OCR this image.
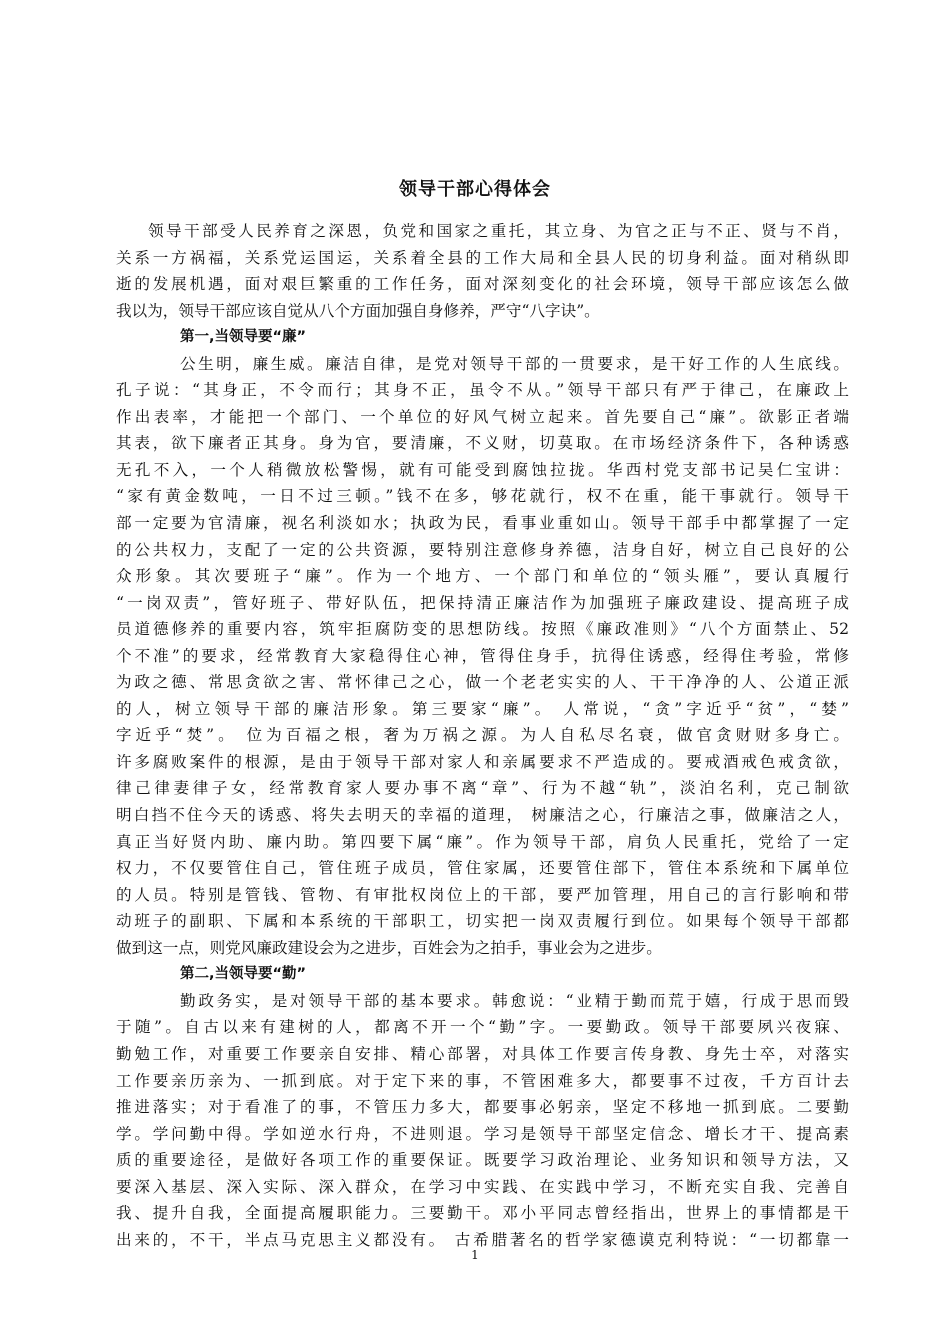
领导干部心得体会
领导干部受人民养育之深恩，负党和国家之重托，其立身、为官之正与不正、贤与不肖，
关系一方祸福，关系党运国运，关系着全县的工作大局和全县人民的切身利益。面对稍纵即
逝的发展机遇，面对艰巨繁重的工作任务，面对深刻变化的社会环境，领导干部应该怎么做
我以为，领导干部应该自觉从八个方面加强自身修养，严守“八字诀”。
第一,当领导要“廉”
公生明，廉生威。廉洁自律，是党对领导干部的一贯要求，是干好工作的人生底线。
孔子说：“其身正，不令而行；其身不正，虽令不从。”领导干部只有严于律己，在廉政上
作出表率，才能把一个部门、一个单位的好风气树立起来。首先要自己“廉”。欲影正者端
其表，欲下廉者正其身。身为官，要清廉，不义财，切莫取。在市场经济条件下，各种诱惑
无孔不入，一个人稍微放松警惕，就有可能受到腐蚀拉拢。华西村党支部书记吴仁宝讲：
“家有黄金数吨，一日不过三顿。”钱不在多，够花就行，权不在重，能干事就行。领导干
部一定要为官清廉，视名利淡如水；执政为民，看事业重如山。领导干部手中都掌握了一定
的公共权力，支配了一定的公共资源，要特别注意修身养德，洁身自好，树立自己良好的公
众形象。其次要班子“廉”。作为一个地方、一个部门和单位的“领头雁”，要认真履行
“一岗双责”，管好班子、带好队伍，把保持清正廉洁作为加强班子廉政建设、提高班子成
员道德修养的重要内容，筑牢拒腐防变的思想防线。按照《廉政准则》“八个方面禁止、52
个不准”的要求，经常教育大家稳得住心神，管得住身手，抗得住诱惑，经得住考验，常修
为政之德、常思贪欲之害、常怀律己之心，做一个老老实实的人、干干净净的人、公道正派
的人，树立领导干部的廉洁形象。第三要家“廉”。 人常说，“贪”字近乎“贫”，“婪”
字近乎“焚”。 位为百福之根，奢为万祸之源。为人自私尽名衰，做官贪财财多身亡。
许多腐败案件的根源，是由于领导干部对家人和亲属要求不严造成的。要戒酒戒色戒贪欲，
律己律妻律子女，经常教育家人要办事不离“章”、行为不越“轨”，淡泊名利，克己制欲
明白挡不住今天的诱惑、将失去明天的幸福的道理， 树廉洁之心，行廉洁之事，做廉洁之人，
真正当好贤内助、廉内助。第四要下属“廉”。作为领导干部，肩负人民重托，党给了一定
权力，不仅要管住自己，管住班子成员，管住家属，还要管住部下，管住本系统和下属单位
的人员。特别是管钱、管物、有审批权岗位上的干部，要严加管理，用自己的言行影响和带
动班子的副职、下属和本系统的干部职工，切实把一岗双责履行到位。如果每个领导干部都
做到这一点，则党风廉政建设会为之进步，百姓会为之拍手，事业会为之进步。
第二,当领导要“勤”
勤政务实，是对领导干部的基本要求。韩愈说：“业精于勤而荒于嬉，行成于思而毁
于随”。自古以来有建树的人，都离不开一个“勤”字。一要勤政。领导干部要夙兴夜寐、
勤勉工作，对重要工作要亲自安排、精心部署，对具体工作要言传身教、身先士卒，对落实
工作要亲历亲为、一抓到底。对于定下来的事，不管困难多大，都要事不过夜，千方百计去
推进落实；对于看准了的事，不管压力多大，都要事必躬亲，坚定不移地一抓到底。二要勤
学。学问勤中得。学如逆水行舟，不进则退。学习是领导干部坚定信念、增长才干、提高素
质的重要途径，是做好各项工作的重要保证。既要学习政治理论、业务知识和领导方法，又
要深入基层、深入实际、深入群众，在学习中实践、在实践中学习，不断充实自我、完善自
我、提升自我，全面提高履职能力。三要勤干。邓小平同志曾经指出，世界上的事情都是干
出来的，不干，半点马克思主义都没有。 古希腊著名的哲学家德谟克利特说：“一切都靠一
1
